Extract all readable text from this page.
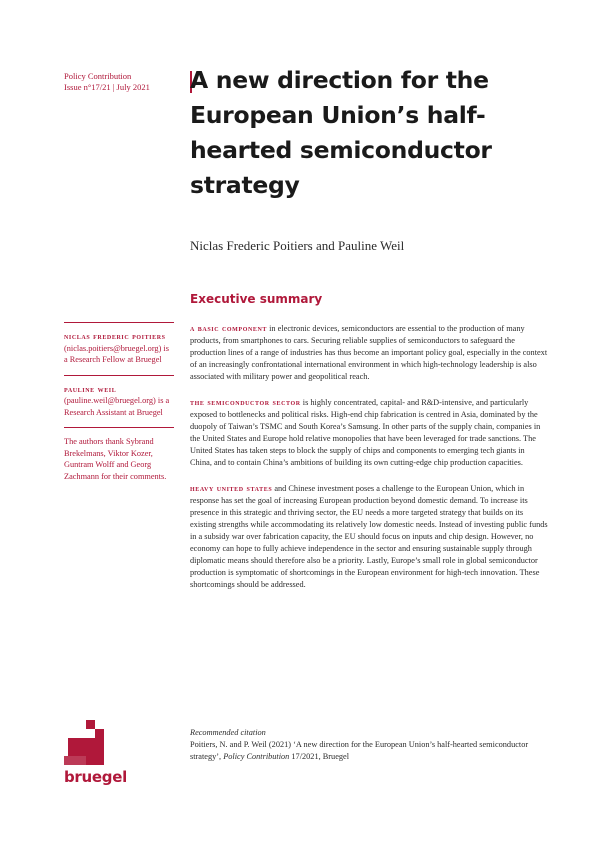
Policy Contribution
Issue n°17/21 | July 2021	A new direction for the European Union’s half-hearted semiconductor strategy
Niclas Frederic Poitiers and Pauline Weil
Executive summary
niclas frederic poitiers (niclas.poitiers@bruegel.org) is a Research Fellow at Bruegel
pauline weil (pauline.weil@bruegel.org) is a Research Assistant at Bruegel
The authors thank Sybrand Brekelmans, Viktor Kozer, Guntram Wolff and Georg Zachmann for their comments.

a basic component in electronic devices, semiconductors are essential to the production of many products, from smartphones to cars. Securing reliable supplies of semiconductors to safeguard the production lines of a range of industries has thus become an important policy goal, especially in the context of an increasingly confrontational international environment in which high-technology leadership is also associated with military power and geopolitical reach.

the semiconductor sector is highly concentrated, capital- and R&D-intensive, and particularly exposed to bottlenecks and political risks. High-end chip fabrication is centred in Asia, dominated by the duopoly of Taiwan’s TSMC and South Korea’s Samsung. In other parts of the supply chain, companies in the United States and Europe hold relative monopolies that have been leveraged for trade sanctions. The United States has taken steps to block the supply of chips and components to emerging tech giants in China, and to contain China’s ambitions of building its own cutting-edge chip production capacities.

heavy united states and Chinese investment poses a challenge to the European Union, which in response has set the goal of increasing European production beyond domestic demand. To increase its presence in this strategic and thriving sector, the EU needs a more targeted strategy that builds on its existing strengths while accommodating its relatively low domestic needs. Instead of investing public funds in a subsidy war over fabrication capacity, the EU should focus on inputs and chip design. However, no economy can hope to fully achieve independence in the sector and ensuring sustainable supply through diplomatic means should therefore also be a priority. Lastly, Europe’s small role in global semiconductor production is symptomatic of shortcomings in the European environment for high-tech innovation. These shortcomings should be addressed.

Recommended citation
Poitiers, N. and P. Weil (2021) ‘A new direction for the European Union’s half-hearted semiconductor strategy’, Policy Contribution 17/2021, Bruegel
bruegel
